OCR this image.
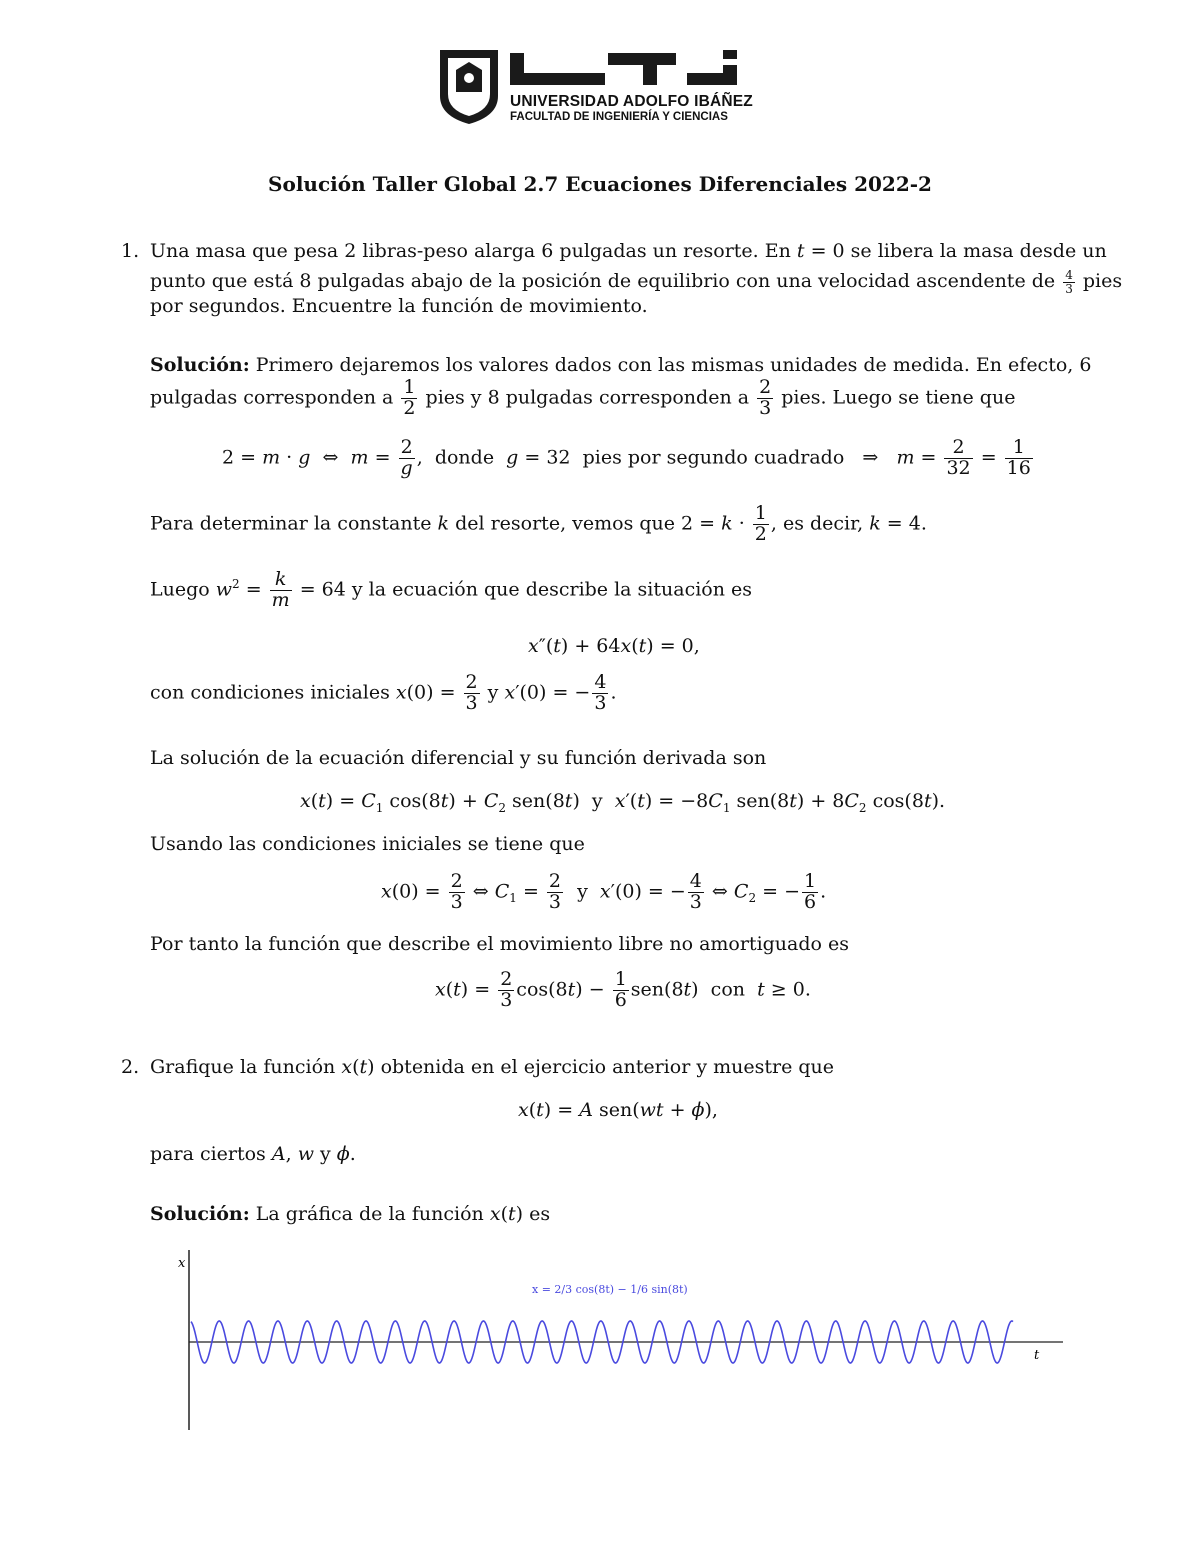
UNIVERSIDAD ADOLFO IBÁÑEZ
FACULTAD DE INGENIERÍA Y CIENCIAS
Solución Taller Global 2.7 Ecuaciones Diferenciales 2022-2
1. Una masa que pesa 2 libras-peso alarga 6 pulgadas un resorte. En t = 0 se libera la masa desde un
punto que está 8 pulgadas abajo de la posición de equilibrio con una velocidad ascendente de $\frac{4}{3}$ pies
por segundos. Encuentre la función de movimiento.
Solución: Primero dejaremos los valores dados con las mismas unidades de medida. En efecto, 6
pulgadas corresponden a $\frac{1}{2}$ pies y 8 pulgadas corresponden a $\frac{2}{3}$ pies. Luego se tiene que
2 = m · g  ⇔  $m = \frac{2}{g}$ ,  donde g = 32  pies por segundo cuadrado   ⇒   $m = \frac{2}{32} = \frac{1}{16}$
Para determinar la constante k del resorte, vemos que $2 = k \cdot \frac{1}{2}$ , es decir, k = 4.
Luego $w^2 = \frac{k}{m} = 64$ y la ecuación que describe la situación es
x″(t) + 64x(t) = 0,
con condiciones iniciales $x(0) = \frac{2}{3}$ y x′(0) = − $\frac{4}{3}$ .
La solución de la ecuación diferencial y su función derivada son
$x(t) = C_1$ $\cos(8t) + C_2$ sen(8t)  y  $x'(t) = -8C_1$ $sen(8t) + 8C_2$ cos(8t).
Usando las condiciones iniciales se tiene que
$x(0) = \frac{2}{3}$ ⇔ $C_1 = \frac{2}{3}$ y  x′(0) = − $\frac{4}{3}$ ⇔ $C_2$ = − $\frac{1}{6}$ .
Por tanto la función que describe el movimiento libre no amortiguado es
$x(t) = \frac{2}{3} \cos(8t) - \frac{1}{6} sen(8t)$  con t ≥ 0.
2. Grafique la función x(t) obtenida en el ejercicio anterior y muestre que
x(t) = A sen(wt + ϕ),
para ciertos A, w y ϕ.
Solución: La gráfica de la función x(t) es
x
t
x = 2/3 cos(8t) − 1/6 sin(8t)
